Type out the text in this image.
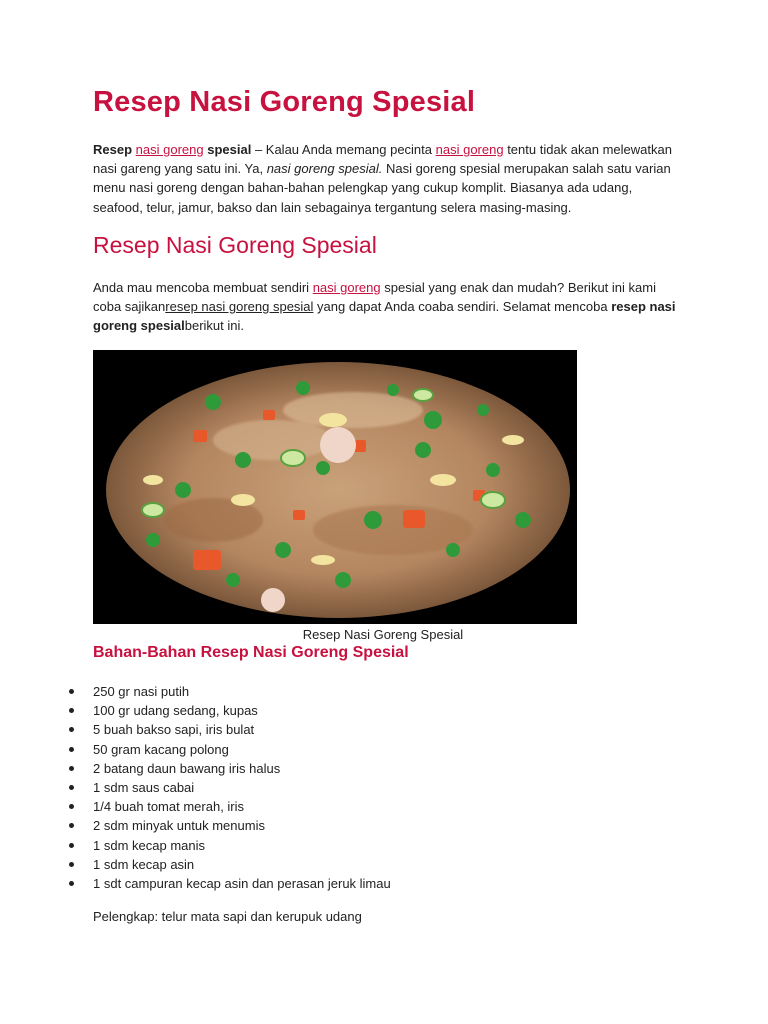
Resep Nasi Goreng Spesial

Resep nasi goreng spesial – Kalau Anda memang pecinta nasi goreng tentu tidak akan melewatkan nasi gareng yang satu ini. Ya, nasi goreng spesial. Nasi goreng spesial merupakan salah satu varian menu nasi goreng dengan bahan-bahan pelengkap yang cukup komplit. Biasanya ada udang, seafood, telur, jamur, bakso dan lain sebagainya tergantung selera masing-masing.

Resep Nasi Goreng Spesial

Anda mau mencoba membuat sendiri nasi goreng spesial yang enak dan mudah? Berikut ini kami coba sajikanresep nasi goreng spesial yang dapat Anda coaba sendiri. Selamat mencoba resep nasi goreng spesialberikut ini.

Resep Nasi Goreng Spesial
Bahan-Bahan Resep Nasi Goreng Spesial
250 gr nasi putih
100 gr udang sedang, kupas
5 buah bakso sapi, iris bulat
50 gram kacang polong
2 batang daun bawang iris halus
1 sdm saus cabai
1/4 buah tomat merah, iris
2 sdm minyak untuk menumis
1 sdm kecap manis
1 sdm kecap asin
1 sdt campuran kecap asin dan perasan jeruk limau

Pelengkap: telur mata sapi dan kerupuk udang
